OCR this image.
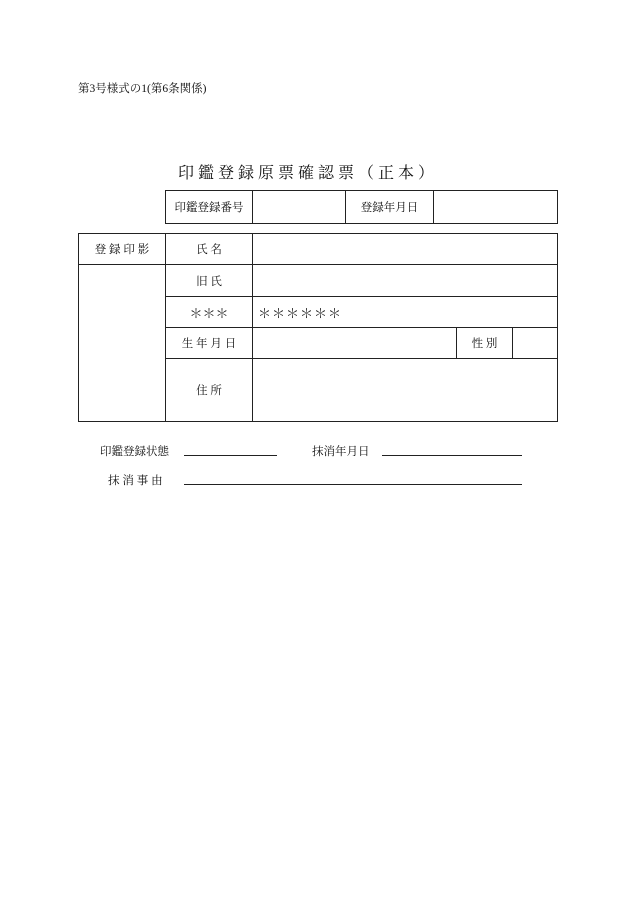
第3号様式の1(第6条関係)
印鑑登録原票確認票（正本）
印鑑登録番号		登録年月日	
登 録 印 影	氏 名			
	旧 氏			
	＊＊＊	＊＊＊＊＊＊		
	生 年 月 日		性 別	
	住 所			
印鑑登録状態	抹消年月日
抹 消 事 由
